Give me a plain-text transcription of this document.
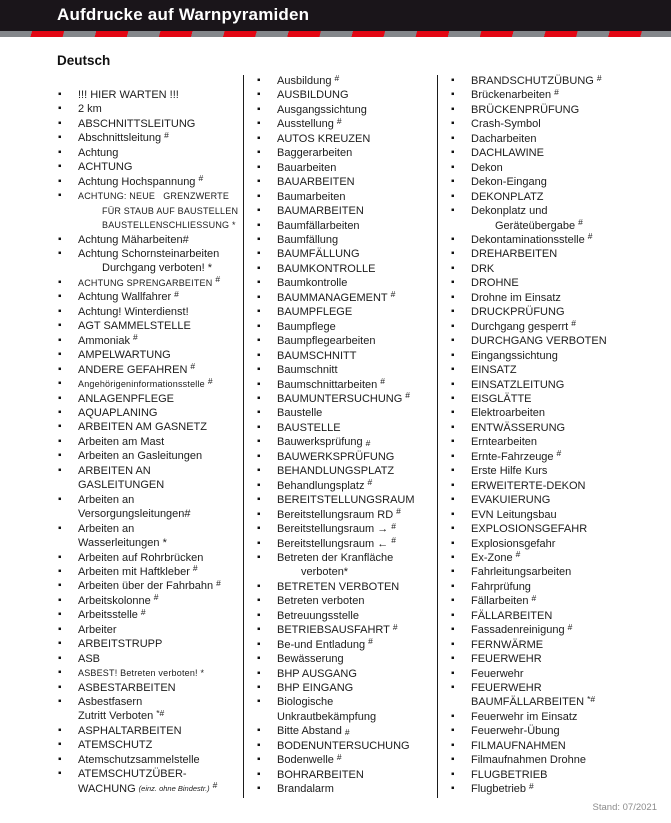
Aufdrucke auf Warnpyramiden
Deutsch
▪
!!! HIER WARTEN !!!
▪
2 km
▪
ABSCHNITTSLEITUNG
▪
Abschnittsleitung #
▪
Achtung
▪
ACHTUNG
▪
Achtung Hochspannung #
▪
ACHTUNG: NEUE   GRENZWERTE
FÜR STAUB AUF BAUSTELLEN
BAUSTELLENSCHLIESSUNG *
▪
Achtung Mäharbeiten#
▪
Achtung Schornsteinarbeiten
Durchgang verboten! *
▪
ACHTUNG SPRENGARBEITEN #
▪
Achtung Wallfahrer #
▪
Achtung! Winterdienst!
▪
AGT SAMMELSTELLE
▪
Ammoniak #
▪
AMPELWARTUNG
▪
ANDERE GEFAHREN #
▪
Angehörigeninformationsstelle #
▪
ANLAGENPFLEGE
▪
AQUAPLANING
▪
ARBEITEN AM GASNETZ
▪
Arbeiten am Mast
▪
Arbeiten an Gasleitungen
▪
ARBEITEN AN
GASLEITUNGEN
▪
Arbeiten an
Versorgungsleitungen#
▪
Arbeiten an
Wasserleitungen *
▪
Arbeiten auf Rohrbrücken
▪
Arbeiten mit Haftkleber #
▪
Arbeiten über der Fahrbahn #
▪
Arbeitskolonne #
▪
Arbeitsstelle #
▪
Arbeiter
▪
ARBEITSTRUPP
▪
ASB
▪
ASBEST! Betreten verboten! *
▪
ASBESTARBEITEN
▪
Asbestfasern
Zutritt Verboten *#
▪
ASPHALTARBEITEN
▪
ATEMSCHUTZ
▪
Atemschutzsammelstelle
▪
ATEMSCHUTZÜBER-
WACHUNG (einz. ohne Bindestr.) #
▪
Ausbildung #
▪
AUSBILDUNG
▪
Ausgangssichtung
▪
Ausstellung #
▪
AUTOS KREUZEN
▪
Baggerarbeiten
▪
Bauarbeiten
▪
BAUARBEITEN
▪
Baumarbeiten
▪
BAUMARBEITEN
▪
Baumfällarbeiten
▪
Baumfällung
▪
BAUMFÄLLUNG
▪
BAUMKONTROLLE
▪
Baumkontrolle
▪
BAUMMANAGEMENT #
▪
BAUMPFLEGE
▪
Baumpflege
▪
Baumpflegearbeiten
▪
BAUMSCHNITT
▪
Baumschnitt
▪
Baumschnittarbeiten #
▪
BAUMUNTERSUCHUNG #
▪
Baustelle
▪
BAUSTELLE
▪
Bauwerksprüfung #
▪
BAUWERKSPRÜFUNG
▪
BEHANDLUNGSPLATZ
▪
Behandlungsplatz #
▪
BEREITSTELLUNGSRAUM
▪
Bereitstellungsraum RD #
▪
Bereitstellungsraum → #
▪
Bereitstellungsraum ← #
▪
Betreten der Kranfläche
verboten*
▪
BETRETEN VERBOTEN
▪
Betreten verboten
▪
Betreuungsstelle
▪
BETRIEBSAUSFAHRT #
▪
Be-und Entladung #
▪
Bewässerung
▪
BHP AUSGANG
▪
BHP EINGANG
▪
Biologische
Unkrautbekämpfung
▪
Bitte Abstand #
▪
BODENUNTERSUCHUNG
▪
Bodenwelle #
▪
BOHRARBEITEN
▪
Brandalarm
▪
BRANDSCHUTZÜBUNG #
▪
Brückenarbeiten #
▪
BRÜCKENPRÜFUNG
▪
Crash-Symbol
▪
Dacharbeiten
▪
DACHLAWINE
▪
Dekon
▪
Dekon-Eingang
▪
DEKONPLATZ
▪
Dekonplatz und
Geräteübergabe #
▪
Dekontaminationsstelle #
▪
DREHARBEITEN
▪
DRK
▪
DROHNE
▪
Drohne im Einsatz
▪
DRUCKPRÜFUNG
▪
Durchgang gesperrt #
▪
DURCHGANG VERBOTEN
▪
Eingangssichtung
▪
EINSATZ
▪
EINSATZLEITUNG
▪
EISGLÄTTE
▪
Elektroarbeiten
▪
ENTWÄSSERUNG
▪
Erntearbeiten
▪
Ernte-Fahrzeuge #
▪
Erste Hilfe Kurs
▪
ERWEITERTE-DEKON
▪
EVAKUIERUNG
▪
EVN Leitungsbau
▪
EXPLOSIONSGEFAHR
▪
Explosionsgefahr
▪
Ex-Zone #
▪
Fahrleitungsarbeiten
▪
Fahrprüfung
▪
Fällarbeiten #
▪
FÄLLARBEITEN
▪
Fassadenreinigung #
▪
FERNWÄRME
▪
FEUERWEHR
▪
Feuerwehr
▪
FEUERWEHR
BAUMFÄLLARBEITEN *#
▪
Feuerwehr im Einsatz
▪
Feuerwehr-Übung
▪
FILMAUFNAHMEN
▪
Filmaufnahmen Drohne
▪
FLUGBETRIEB
▪
Flugbetrieb #
Stand: 07/2021
